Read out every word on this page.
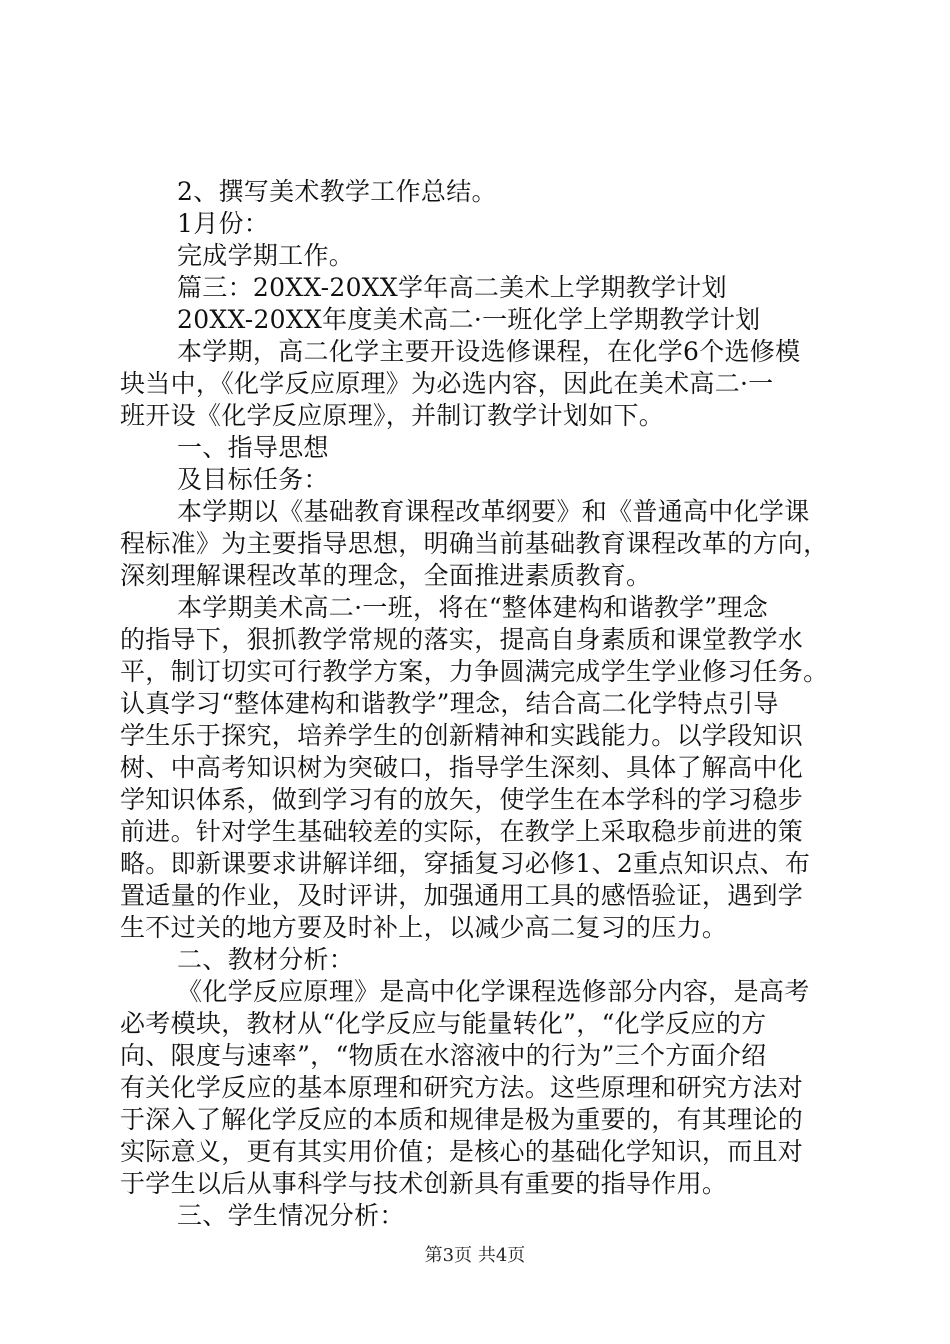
2、撰写美术教学工作总结。
1月份：
完成学期工作。
篇三：20XX-20XX学年高二美术上学期教学计划
20XX-20XX年度美术高二·一班化学上学期教学计划
本学期，高二化学主要开设选修课程，在化学6个选修模
块当中，《化学反应原理》为必选内容，因此在美术高二·一
班开设《化学反应原理》，并制订教学计划如下。
一、指导思想
及目标任务：
本学期以《基础教育课程改革纲要》和《普通高中化学课
程标准》为主要指导思想，明确当前基础教育课程改革的方向，
深刻理解课程改革的理念，全面推进素质教育。
本学期美术高二·一班，将在“整体建构和谐教学”理念
的指导下，狠抓教学常规的落实，提高自身素质和课堂教学水
平，制订切实可行教学方案，力争圆满完成学生学业修习任务。
认真学习“整体建构和谐教学”理念，结合高二化学特点引导
学生乐于探究，培养学生的创新精神和实践能力。以学段知识
树、中高考知识树为突破口，指导学生深刻、具体了解高中化
学知识体系，做到学习有的放矢，使学生在本学科的学习稳步
前进。针对学生基础较差的实际，在教学上采取稳步前进的策
略。即新课要求讲解详细，穿插复习必修1、2重点知识点、布
置适量的作业，及时评讲，加强通用工具的感悟验证，遇到学
生不过关的地方要及时补上，以减少高二复习的压力。
二、教材分析：
《化学反应原理》是高中化学课程选修部分内容，是高考
必考模块，教材从“化学反应与能量转化”，“化学反应的方
向、限度与速率”，“物质在水溶液中的行为”三个方面介绍
有关化学反应的基本原理和研究方法。这些原理和研究方法对
于深入了解化学反应的本质和规律是极为重要的，有其理论的
实际意义，更有其实用价值；是核心的基础化学知识，而且对
于学生以后从事科学与技术创新具有重要的指导作用。
三、学生情况分析：
第3页 共4页
